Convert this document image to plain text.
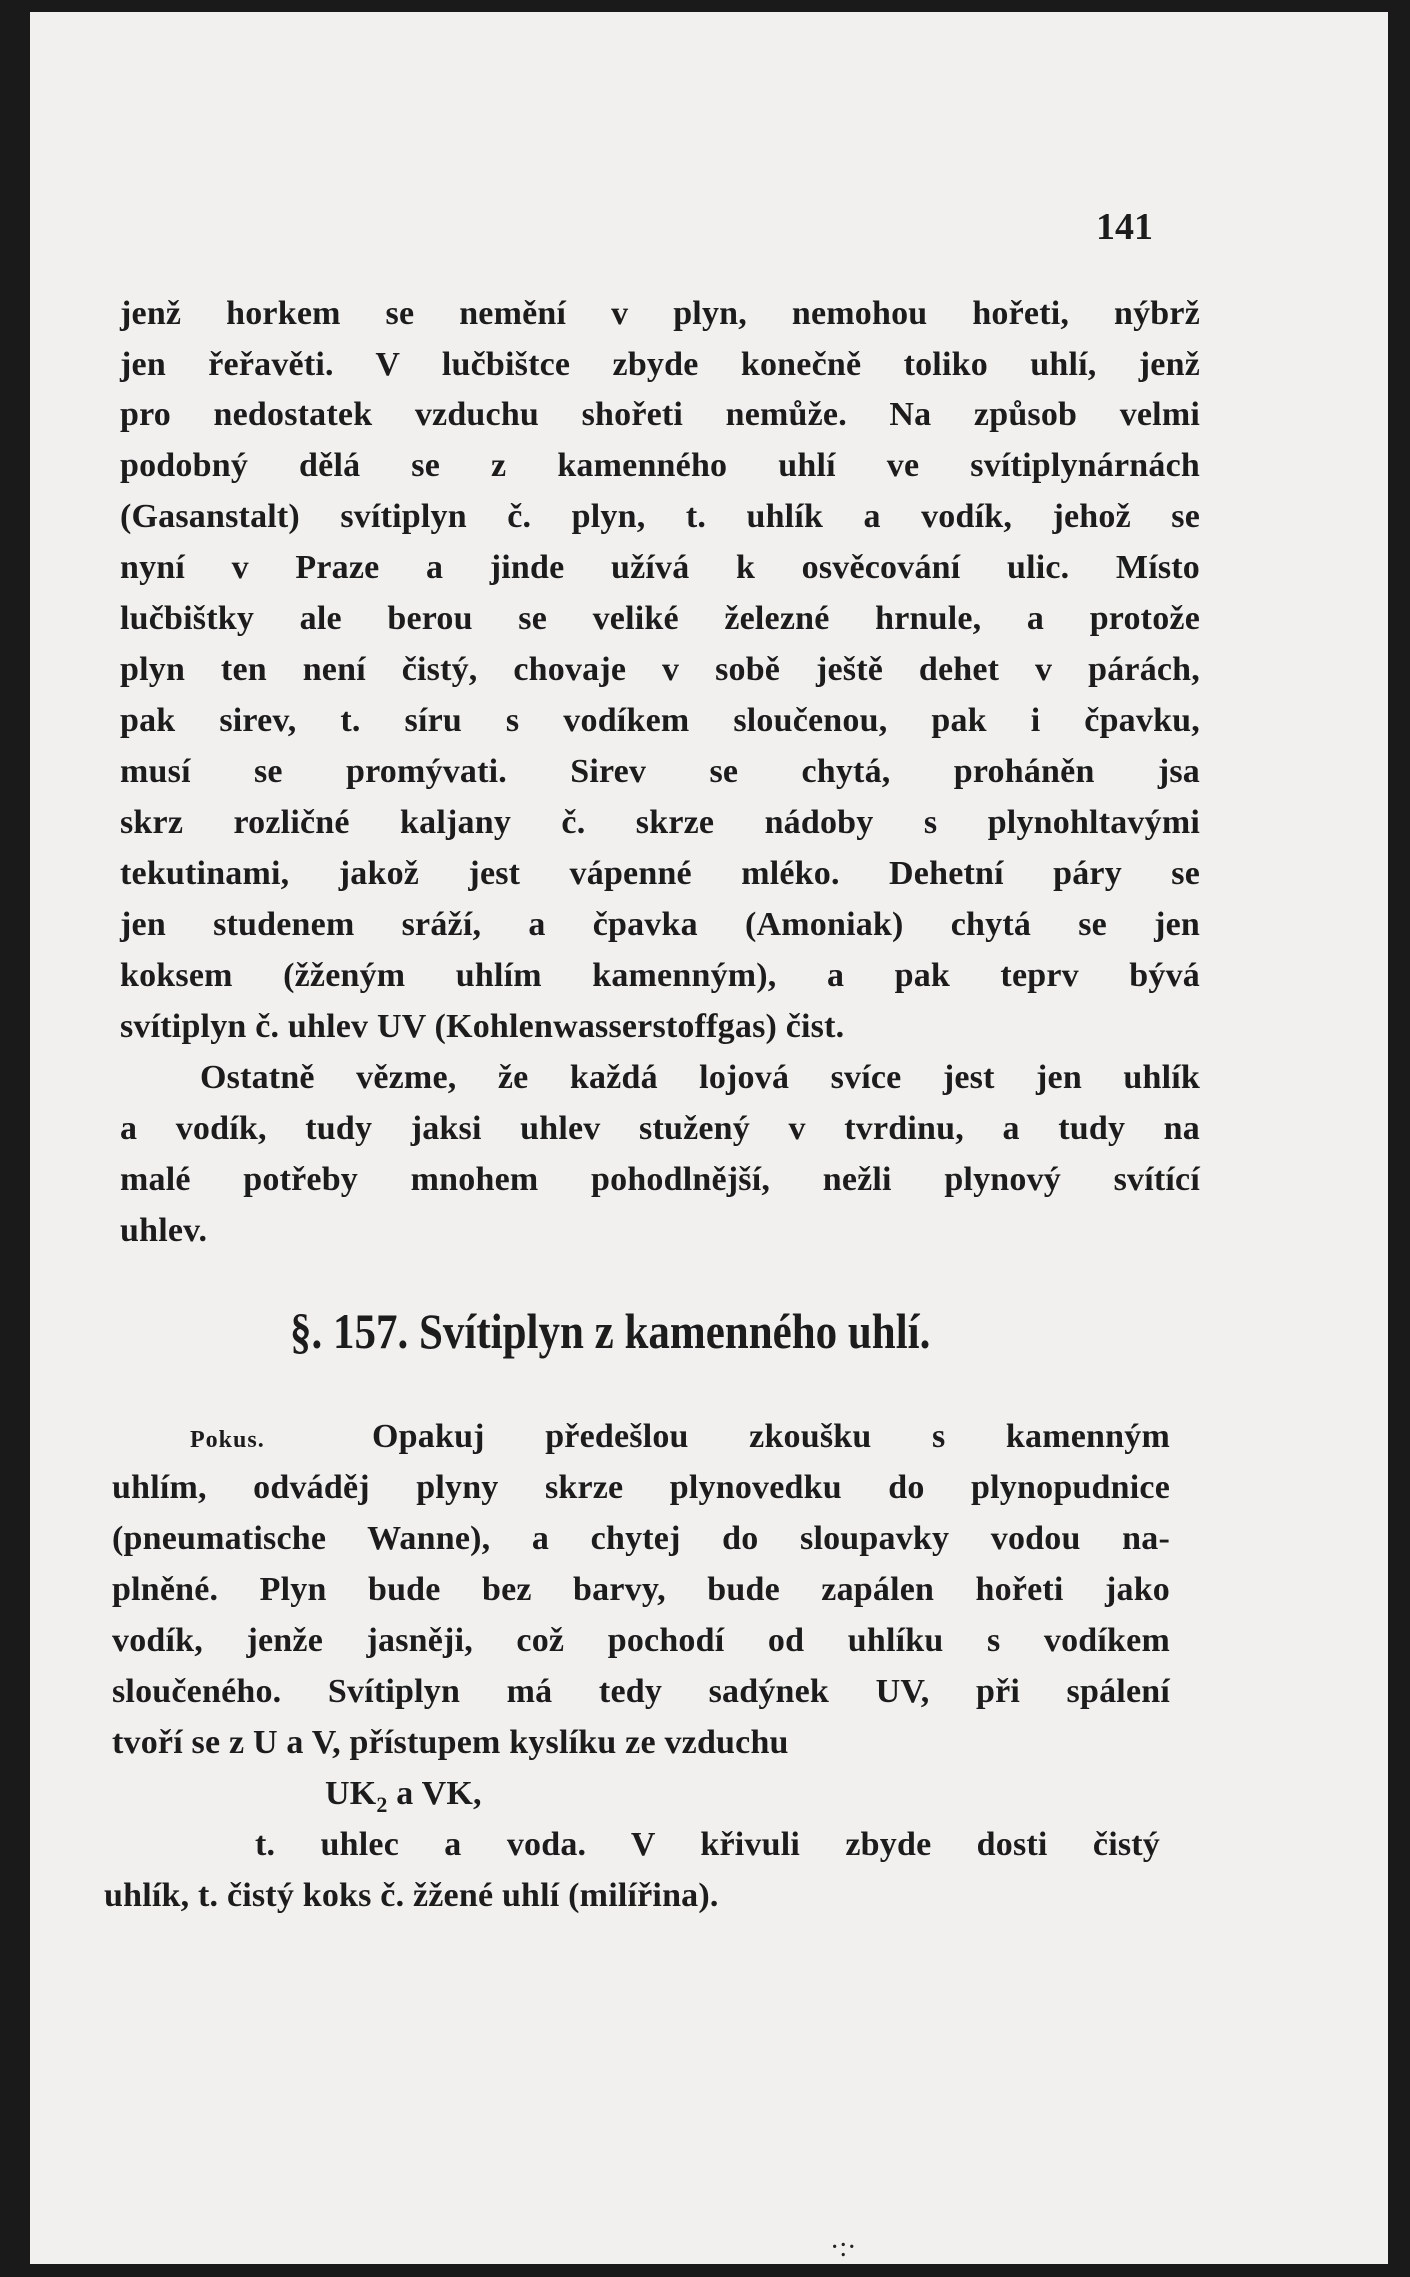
141
jenž horkem se nemění v plyn, nemohou hořeti, nýbrž
jen řeřavěti. V lučbištce zbyde konečně toliko uhlí, jenž
pro nedostatek vzduchu shořeti nemůže. Na způsob velmi
podobný dělá se z kamenného uhlí ve svítiplynárnách
(Gasanstalt) svítiplyn č. plyn, t. uhlík a vodík, jehož se
nyní v Praze a jinde užívá k osvěcování ulic. Místo
lučbištky ale berou se veliké železné hrnule, a protože
plyn ten není čistý, chovaje v sobě ještě dehet v párách,
pak sirev, t. síru s vodíkem sloučenou, pak i čpavku,
musí se promývati. Sirev se chytá, proháněn jsa
skrz rozličné kaljany č. skrze nádoby s plynohltavými
tekutinami, jakož jest vápenné mléko. Dehetní páry se
jen studenem sráží, a čpavka (Amoniak) chytá se jen
koksem (žženým uhlím kamenným), a pak teprv bývá
svítiplyn č. uhlev UV (Kohlenwasserstoffgas) čist.
Ostatně vězme, že každá lojová svíce jest jen uhlík
a vodík, tudy jaksi uhlev stužený v tvrdinu, a tudy na
malé potřeby mnohem pohodlnější, nežli plynový svítící
uhlev.
§. 157. Svítiplyn z kamenného uhlí.
Pokus.	Opakuj předešlou zkoušku s kamenným
uhlím, odváděj plyny skrze plynovedku do plynopudnice
(pneumatische Wanne), a chytej do sloupavky vodou na-
plněné. Plyn bude bez barvy, bude zapálen hořeti jako
vodík, jenže jasněji, což pochodí od uhlíku s vodíkem
sloučeného. Svítiplyn má tedy sadýnek UV, při spálení
tvoří se z U a V, přístupem kyslíku ze vzduchu
$UK_2$ a VK,
t. uhlec a voda. V křivuli zbyde dosti čistý
uhlík, t. čistý koks č. žžené uhlí (milířina).
·:·
